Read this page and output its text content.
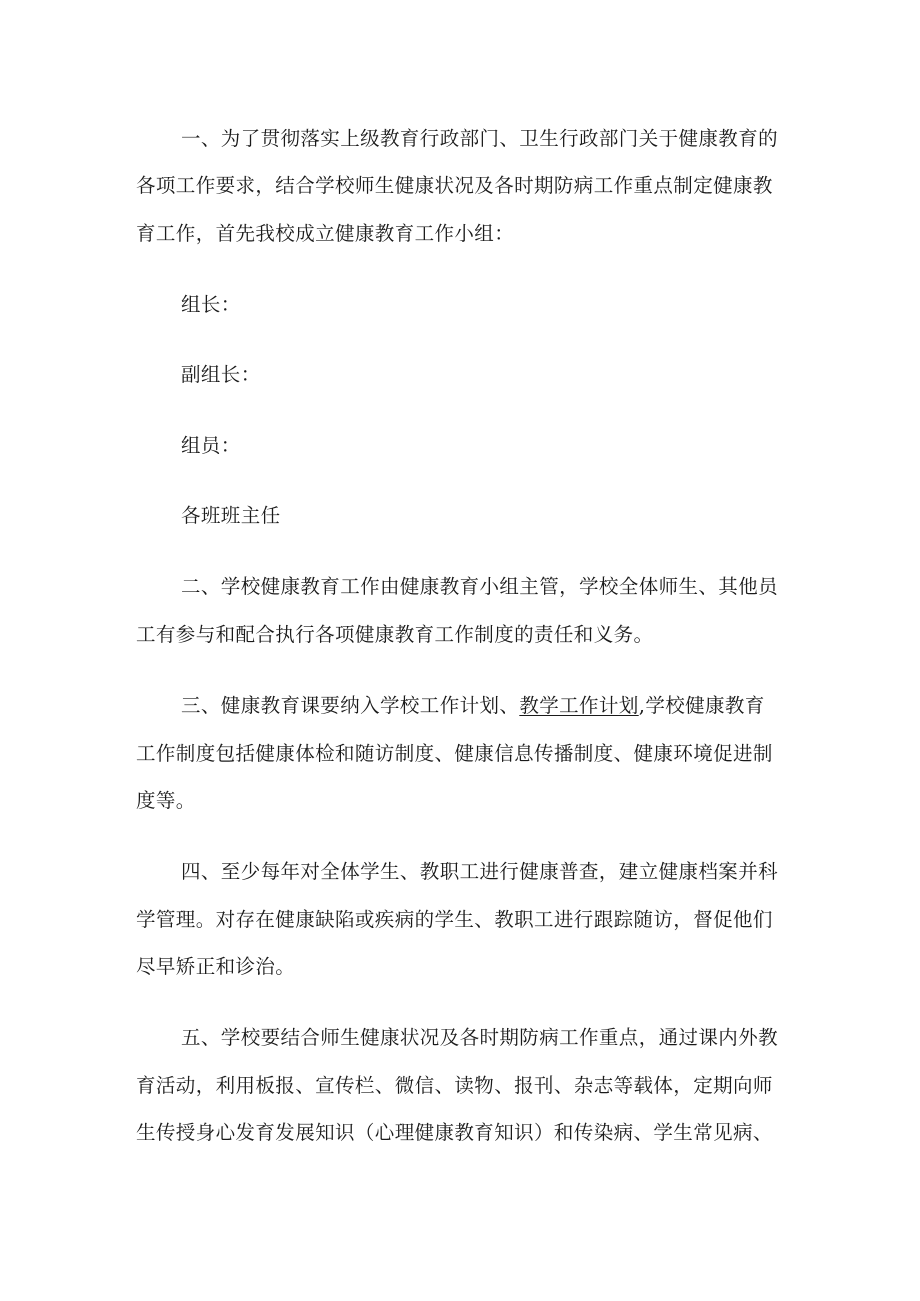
一、为了贯彻落实上级教育行政部门、卫生行政部门关于健康教育的
各项工作要求，结合学校师生健康状况及各时期防病工作重点制定健康教
育工作，首先我校成立健康教育工作小组：
组长：
副组长：
组员：
各班班主任
二、学校健康教育工作由健康教育小组主管，学校全体师生、其他员
工有参与和配合执行各项健康教育工作制度的责任和义务。
三、健康教育课要纳入学校工作计划、教学工作计划,学校健康教育
工作制度包括健康体检和随访制度、健康信息传播制度、健康环境促进制
度等。
四、至少每年对全体学生、教职工进行健康普查，建立健康档案并科
学管理。对存在健康缺陷或疾病的学生、教职工进行跟踪随访，督促他们
尽早矫正和诊治。
五、学校要结合师生健康状况及各时期防病工作重点，通过课内外教
育活动，利用板报、宣传栏、微信、读物、报刊、杂志等载体，定期向师
生传授身心发育发展知识（心理健康教育知识）和传染病、学生常见病、
